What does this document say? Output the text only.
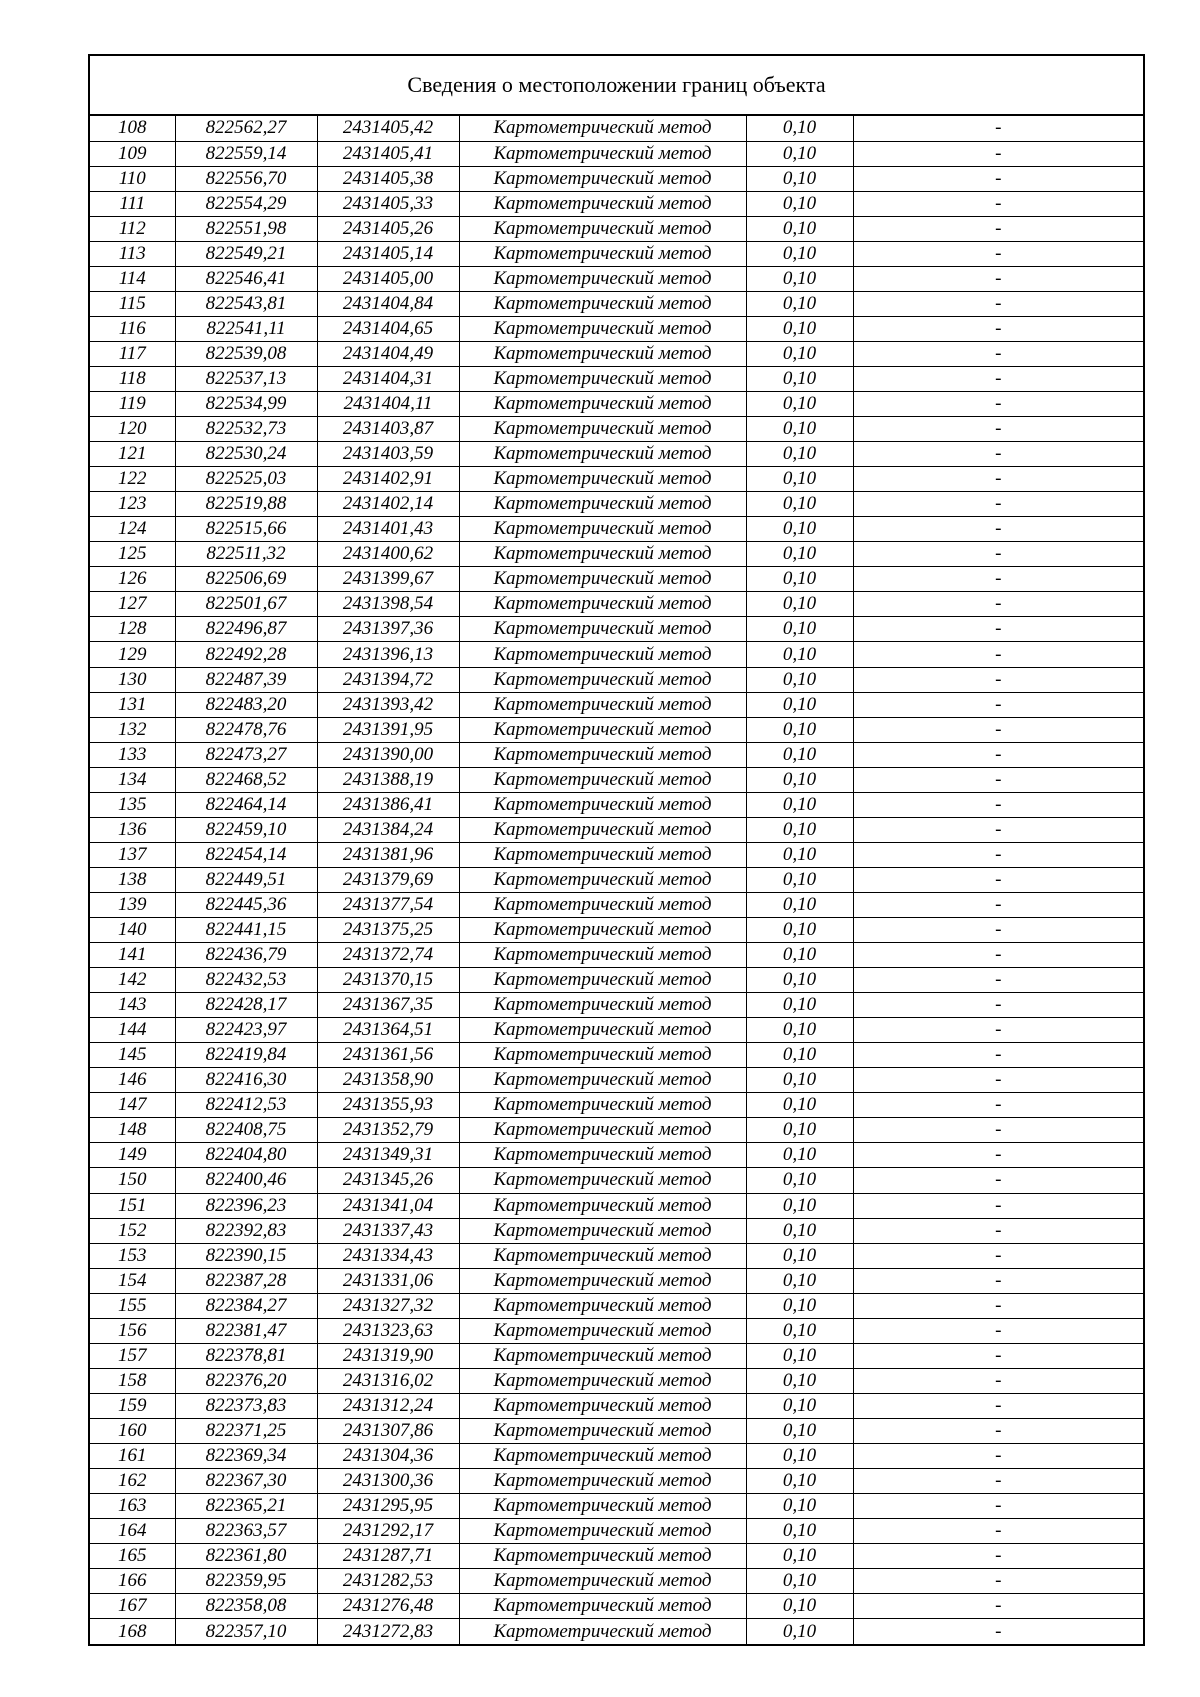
Сведения о местоположении границ объекта
108	822562,27	2431405,42	Картометрический метод	0,10	-
109	822559,14	2431405,41	Картометрический метод	0,10	-
110	822556,70	2431405,38	Картометрический метод	0,10	-
111	822554,29	2431405,33	Картометрический метод	0,10	-
112	822551,98	2431405,26	Картометрический метод	0,10	-
113	822549,21	2431405,14	Картометрический метод	0,10	-
114	822546,41	2431405,00	Картометрический метод	0,10	-
115	822543,81	2431404,84	Картометрический метод	0,10	-
116	822541,11	2431404,65	Картометрический метод	0,10	-
117	822539,08	2431404,49	Картометрический метод	0,10	-
118	822537,13	2431404,31	Картометрический метод	0,10	-
119	822534,99	2431404,11	Картометрический метод	0,10	-
120	822532,73	2431403,87	Картометрический метод	0,10	-
121	822530,24	2431403,59	Картометрический метод	0,10	-
122	822525,03	2431402,91	Картометрический метод	0,10	-
123	822519,88	2431402,14	Картометрический метод	0,10	-
124	822515,66	2431401,43	Картометрический метод	0,10	-
125	822511,32	2431400,62	Картометрический метод	0,10	-
126	822506,69	2431399,67	Картометрический метод	0,10	-
127	822501,67	2431398,54	Картометрический метод	0,10	-
128	822496,87	2431397,36	Картометрический метод	0,10	-
129	822492,28	2431396,13	Картометрический метод	0,10	-
130	822487,39	2431394,72	Картометрический метод	0,10	-
131	822483,20	2431393,42	Картометрический метод	0,10	-
132	822478,76	2431391,95	Картометрический метод	0,10	-
133	822473,27	2431390,00	Картометрический метод	0,10	-
134	822468,52	2431388,19	Картометрический метод	0,10	-
135	822464,14	2431386,41	Картометрический метод	0,10	-
136	822459,10	2431384,24	Картометрический метод	0,10	-
137	822454,14	2431381,96	Картометрический метод	0,10	-
138	822449,51	2431379,69	Картометрический метод	0,10	-
139	822445,36	2431377,54	Картометрический метод	0,10	-
140	822441,15	2431375,25	Картометрический метод	0,10	-
141	822436,79	2431372,74	Картометрический метод	0,10	-
142	822432,53	2431370,15	Картометрический метод	0,10	-
143	822428,17	2431367,35	Картометрический метод	0,10	-
144	822423,97	2431364,51	Картометрический метод	0,10	-
145	822419,84	2431361,56	Картометрический метод	0,10	-
146	822416,30	2431358,90	Картометрический метод	0,10	-
147	822412,53	2431355,93	Картометрический метод	0,10	-
148	822408,75	2431352,79	Картометрический метод	0,10	-
149	822404,80	2431349,31	Картометрический метод	0,10	-
150	822400,46	2431345,26	Картометрический метод	0,10	-
151	822396,23	2431341,04	Картометрический метод	0,10	-
152	822392,83	2431337,43	Картометрический метод	0,10	-
153	822390,15	2431334,43	Картометрический метод	0,10	-
154	822387,28	2431331,06	Картометрический метод	0,10	-
155	822384,27	2431327,32	Картометрический метод	0,10	-
156	822381,47	2431323,63	Картометрический метод	0,10	-
157	822378,81	2431319,90	Картометрический метод	0,10	-
158	822376,20	2431316,02	Картометрический метод	0,10	-
159	822373,83	2431312,24	Картометрический метод	0,10	-
160	822371,25	2431307,86	Картометрический метод	0,10	-
161	822369,34	2431304,36	Картометрический метод	0,10	-
162	822367,30	2431300,36	Картометрический метод	0,10	-
163	822365,21	2431295,95	Картометрический метод	0,10	-
164	822363,57	2431292,17	Картометрический метод	0,10	-
165	822361,80	2431287,71	Картометрический метод	0,10	-
166	822359,95	2431282,53	Картометрический метод	0,10	-
167	822358,08	2431276,48	Картометрический метод	0,10	-
168	822357,10	2431272,83	Картометрический метод	0,10	-
